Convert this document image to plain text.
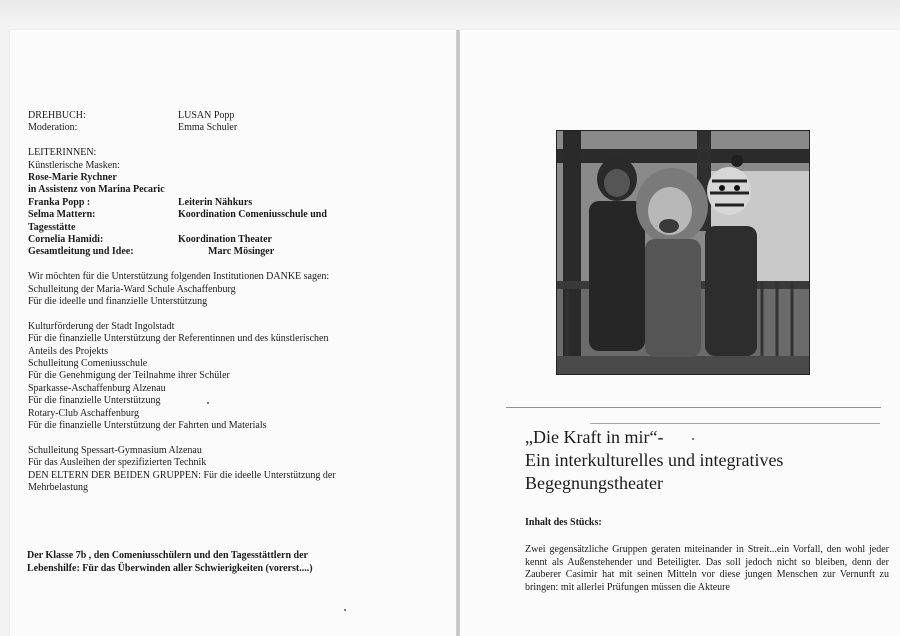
DREHBUCH:	LUSAN Popp
Moderation:	Emma Schuler
LEITERINNEN:
Künstlerische Masken:
Rose-Marie Rychner
in Assistenz von Marina Pecaric
Franka Popp :	Leiterin Nähkurs
Selma Mattern:	Koordination Comeniusschule und
Tagesstätte
Cornelia Hamidi:	Koordination Theater
Gesamtleitung und Idee:	Marc Mösinger
Wir möchten für die Unterstützung folgenden Institutionen DANKE sagen:
Schulleitung der Maria-Ward Schule Aschaffenburg
Für die ideelle und finanzielle Unterstützung
Kulturförderung der Stadt Ingolstadt
Für die finanzielle Unterstützung der Referentinnen und des künstlerischen
Anteils des Projekts
Schulleitung Comeniusschule
Für die Genehmigung der Teilnahme ihrer Schüler
Sparkasse-Aschaffenburg Alzenau
Für die finanzielle Unterstützung
Rotary-Club Aschaffenburg
Für die finanzielle Unterstützung der Fahrten und Materials
Schulleitung Spessart-Gymnasium Alzenau
Für das Ausleihen der spezifizierten Technik
DEN ELTERN DER BEIDEN GRUPPEN: Für die ideelle Unterstützung der
Mehrbelastung
Der Klasse 7b , den Comeniusschülern und den Tagesstättlern der
Lebenshilfe: Für das Überwinden aller Schwierigkeiten (vorerst....)
„Die Kraft in mir“-
Ein interkulturelles und integratives
Begegnungstheater
Inhalt des Stücks:
Zwei gegensätzliche Gruppen geraten miteinander in Streit...ein Vorfall, den wohl jeder kennt als Außenstehender und Beteiligter. Das soll jedoch nicht so bleiben, denn der Zauberer Casimir hat mit seinen Mitteln vor diese jungen Menschen zur Vernunft zu bringen: mit allerlei Prüfungen müssen die Akteure
